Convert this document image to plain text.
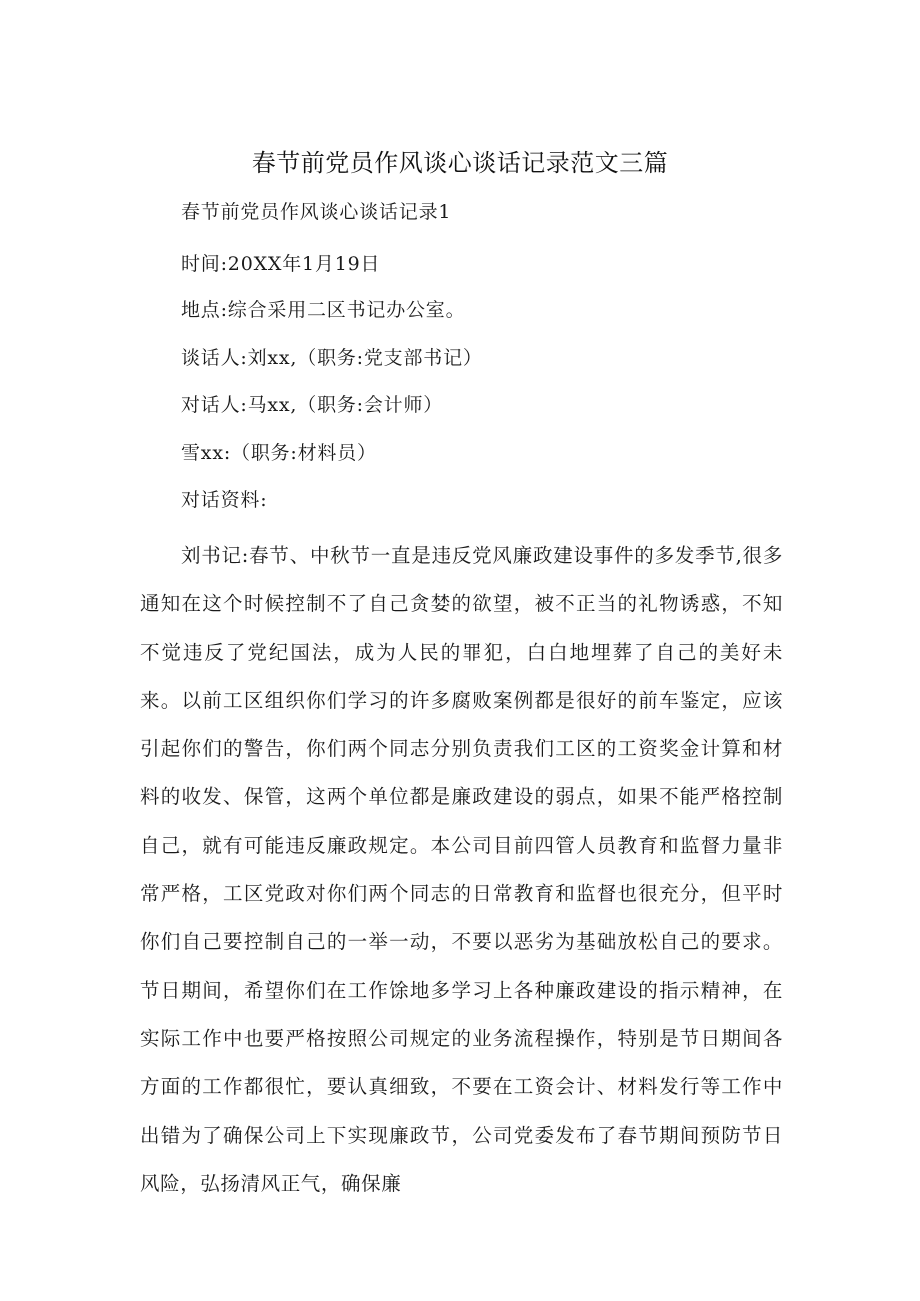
春节前党员作风谈心谈话记录范文三篇
春节前党员作风谈心谈话记录1
时间:20XX年1月19日
地点:综合采用二区书记办公室。
谈话人:刘xx,（职务:党支部书记）
对话人:马xx,（职务:会计师）
雪xx:（职务:材料员）
对话资料:

刘书记:春节、中秋节一直是违反党风廉政建设事件的多发季节,很多通知在这个时候控制不了自己贪婪的欲望，被不正当的礼物诱惑，不知不觉违反了党纪国法，成为人民的罪犯，白白地埋葬了自己的美好未来。以前工区组织你们学习的许多腐败案例都是很好的前车鉴定，应该引起你们的警告，你们两个同志分别负责我们工区的工资奖金计算和材料的收发、保管，这两个单位都是廉政建设的弱点，如果不能严格控制自己，就有可能违反廉政规定。本公司目前四管人员教育和监督力量非常严格，工区党政对你们两个同志的日常教育和监督也很充分，但平时你们自己要控制自己的一举一动，不要以恶劣为基础放松自己的要求。节日期间，希望你们在工作馀地多学习上各种廉政建设的指示精神，在实际工作中也要严格按照公司规定的业务流程操作，特别是节日期间各方面的工作都很忙，要认真细致，不要在工资会计、材料发行等工作中出错为了确保公司上下实现廉政节，公司党委发布了春节期间预防节日风险，弘扬清风正气，确保廉
